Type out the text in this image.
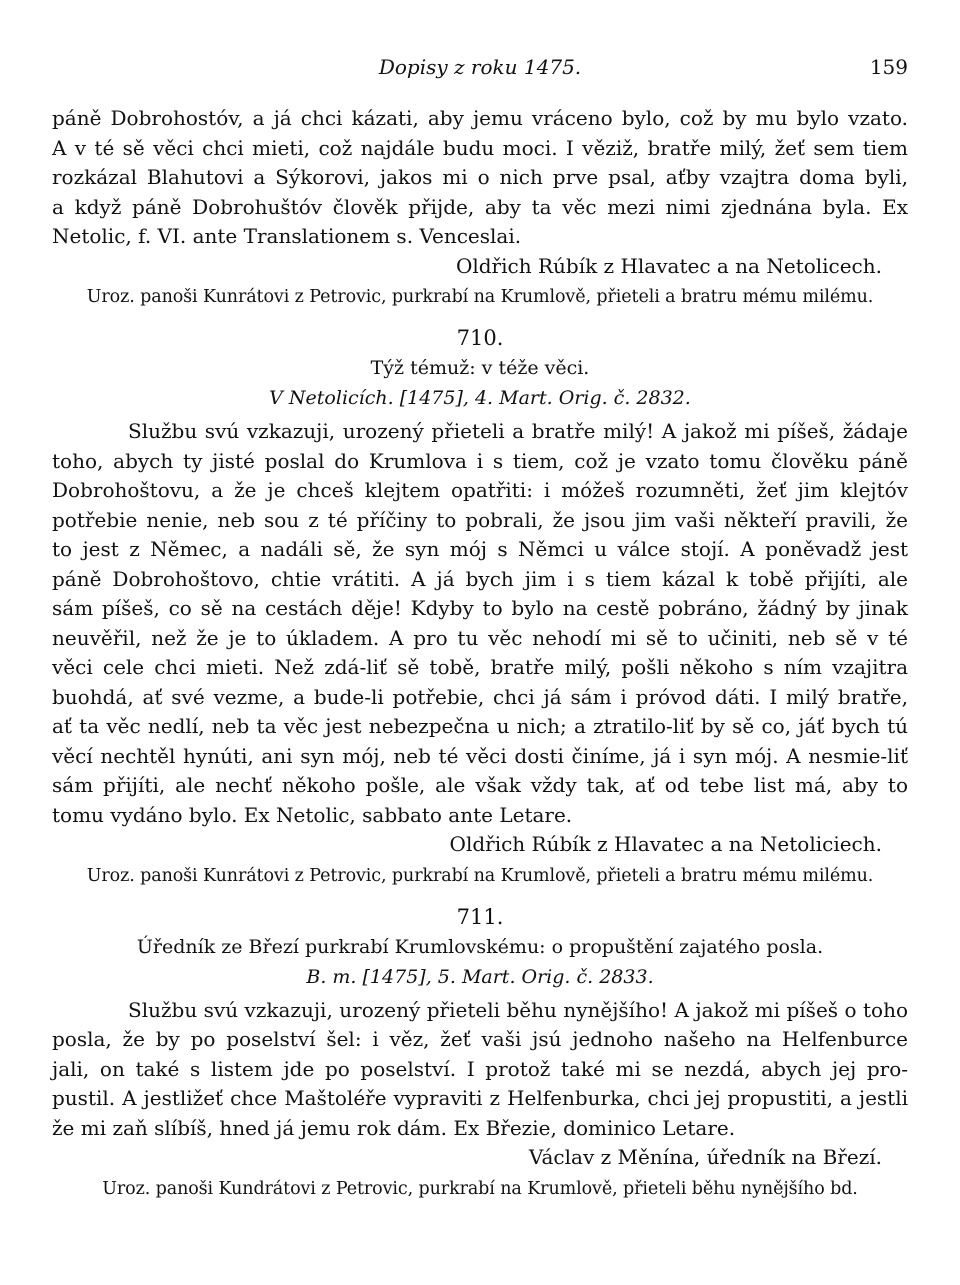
Dopisy z roku 1475.	159
páně Dobrohostóv, a já chci kázati, aby jemu vráceno bylo, což by mu bylo vzato.
A v té sě věci chci mieti, což najdále budu moci. I věziž, bratře milý, žeť sem tiem
rozkázal Blahutovi a Sýkorovi, jakos mi o nich prve psal, aťby vzajtra doma byli,
a když páně Dobrohuštóv člověk přijde, aby ta věc mezi nimi zjednána byla. Ex
Netolic, f. VI. ante Translationem s. Venceslai.
Oldřich Rúbík z Hlavatec a na Netolicech.
Uroz. panoši Kunrátovi z Petrovic, purkrabí na Krumlově, přieteli a bratru mému milému.
710.
Týž témuž: v téže věci.
V Netolicích. [1475], 4. Mart. Orig. č. 2832.
Službu svú vzkazuji, urozený přieteli a bratře milý! A jakož mi píšeš, žádaje
toho, abych ty jisté poslal do Krumlova i s tiem, což je vzato tomu člověku páně
Dobrohoštovu, a že je chceš klejtem opatřiti: i móžeš rozumněti, žeť jim klejtóv
potřebie nenie, neb sou z té příčiny to pobrali, že jsou jim vaši někteří pravili, že
to jest z Němec, a nadáli sě, že syn mój s Němci u válce stojí. A poněvadž jest
páně Dobrohoštovo, chtie vrátiti. A já bych jim i s tiem kázal k tobě přijíti, ale
sám píšeš, co sě na cestách děje! Kdyby to bylo na cestě pobráno, žádný by jinak
neuvěřil, než že je to úkladem. A pro tu věc nehodí mi sě to učiniti, neb sě v té
věci cele chci mieti. Než zdá-liť sě tobě, bratře milý, pošli někoho s ním vzajitra
buohdá, ať své vezme, a bude-li potřebie, chci já sám i próvod dáti. I milý bratře,
ať ta věc nedlí, neb ta věc jest nebezpečna u nich; a ztratilo-liť by sě co, jáť bych tú
věcí nechtěl hynúti, ani syn mój, neb té věci dosti činíme, já i syn mój. A nesmie-liť
sám přijíti, ale nechť někoho pošle, ale však vždy tak, ať od tebe list má, aby to
tomu vydáno bylo. Ex Netolic, sabbato ante Letare.
Oldřich Rúbík z Hlavatec a na Netoliciech.
Uroz. panoši Kunrátovi z Petrovic, purkrabí na Krumlově, přieteli a bratru mému milému.
711.
Úředník ze Březí purkrabí Krumlovskému: o propuštění zajatého posla.
B. m. [1475], 5. Mart. Orig. č. 2833.
Službu svú vzkazuji, urozený přieteli běhu nynějšího! A jakož mi píšeš o toho
posla, že by po poselství šel: i věz, žeť vaši jsú jednoho našeho na Helfenburce
jali, on také s listem jde po poselství. I protož také mi se nezdá, abych jej pro-
pustil. A jestližeť chce Maštoléře vypraviti z Helfenburka, chci jej propustiti, a jestli
že mi zaň slíbíš, hned já jemu rok dám. Ex Březie, dominico Letare.
Václav z Měnína, úředník na Březí.
Uroz. panoši Kundrátovi z Petrovic, purkrabí na Krumlově, přieteli běhu nynějšího bd.
